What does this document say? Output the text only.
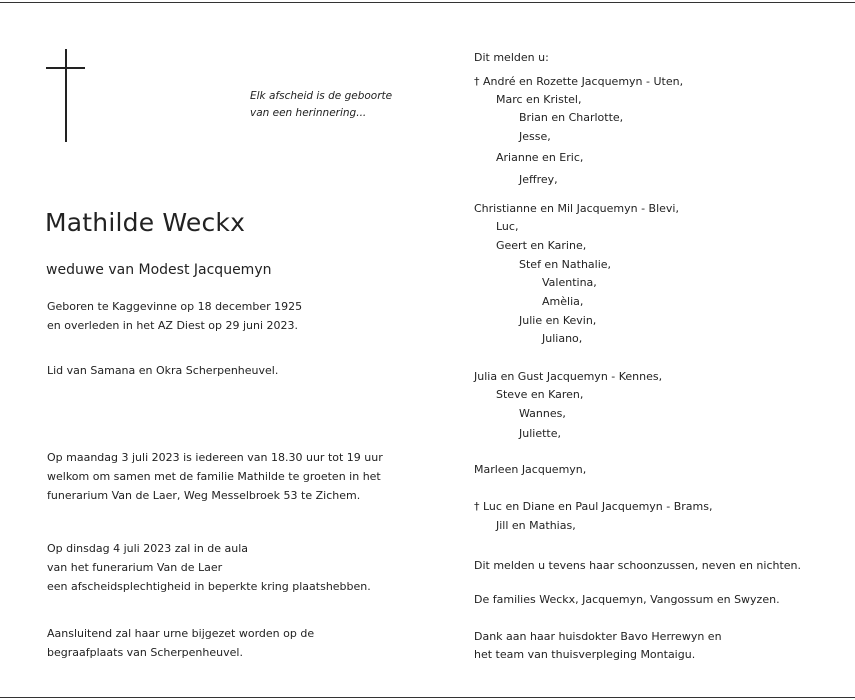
Elk afscheid is de geboorte
van een herinnering...
Mathilde Weckx
weduwe van Modest Jacquemyn
Geboren te Kaggevinne op 18 december 1925
en overleden in het AZ Diest op 29 juni 2023.
Lid van Samana en Okra Scherpenheuvel.
Op maandag 3 juli 2023 is iedereen van 18.30 uur tot 19 uur
welkom om samen met de familie Mathilde te groeten in het
funerarium Van de Laer, Weg Messelbroek 53 te Zichem.
Op dinsdag 4 juli 2023 zal in de aula
van het funerarium Van de Laer
een afscheidsplechtigheid in beperkte kring plaatshebben.
Aansluitend zal haar urne bijgezet worden op de
begraafplaats van Scherpenheuvel.
Dit melden u:
† André en Rozette Jacquemyn - Uten,
Marc en Kristel,
Brian en Charlotte,
Jesse,
Arianne en Eric,
Jeffrey,
Christianne en Mil Jacquemyn - Blevi,
Luc,
Geert en Karine,
Stef en Nathalie,
Valentina,
Amèlia,
Julie en Kevin,
Juliano,
Julia en Gust Jacquemyn - Kennes,
Steve en Karen,
Wannes,
Juliette,
Marleen Jacquemyn,
† Luc en Diane en Paul Jacquemyn - Brams,
Jill en Mathias,
Dit melden u tevens haar schoonzussen, neven en nichten.
De families Weckx, Jacquemyn, Vangossum en Swyzen.
Dank aan haar huisdokter Bavo Herrewyn en
het team van thuisverpleging Montaigu.
